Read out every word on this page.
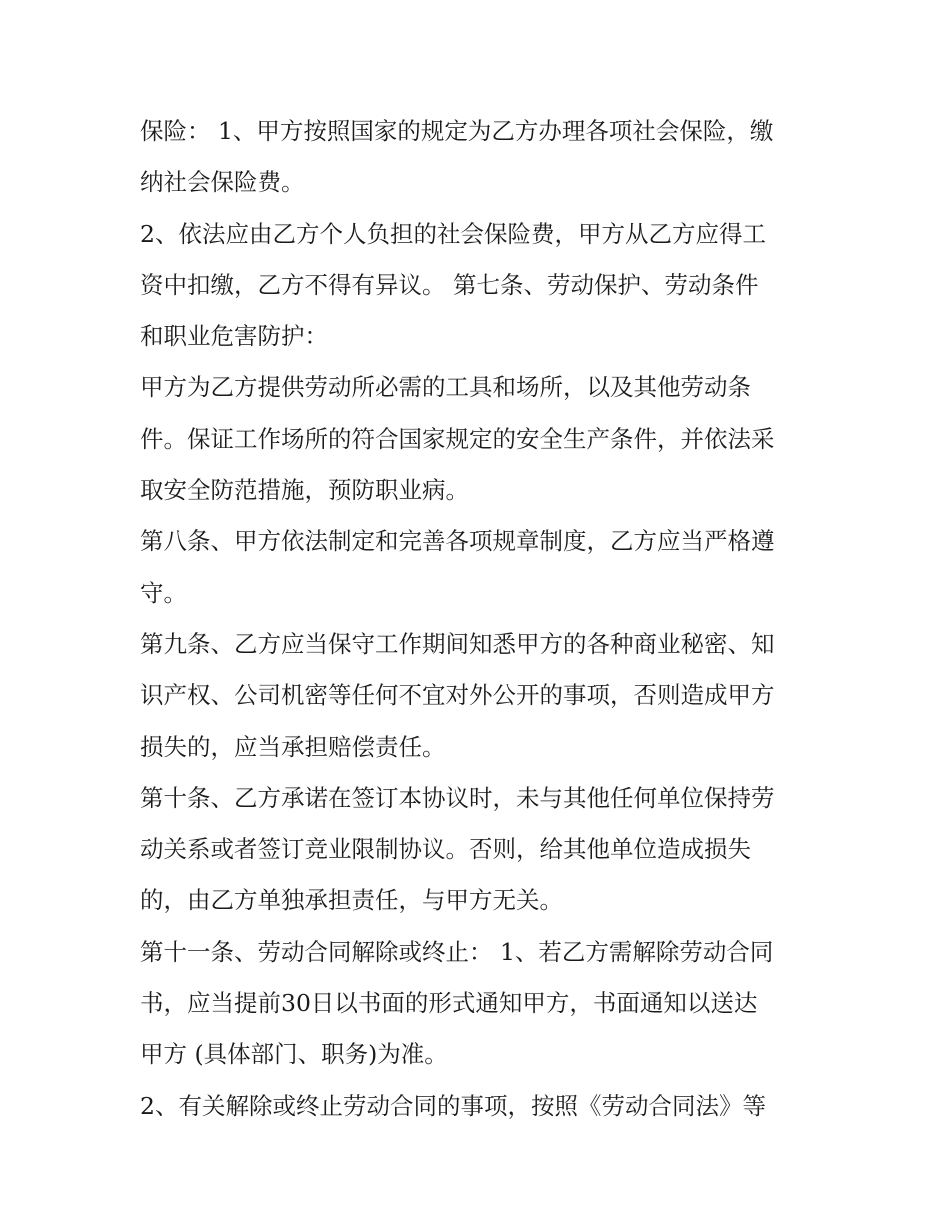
保险： 1、甲方按照国家的规定为乙方办理各项社会保险，缴
纳社会保险费。
2、依法应由乙方个人负担的社会保险费，甲方从乙方应得工
资中扣缴，乙方不得有异议。 第七条、劳动保护、劳动条件
和职业危害防护：
甲方为乙方提供劳动所必需的工具和场所，以及其他劳动条
件。保证工作场所的符合国家规定的安全生产条件，并依法采
取安全防范措施，预防职业病。
第八条、甲方依法制定和完善各项规章制度，乙方应当严格遵
守。
第九条、乙方应当保守工作期间知悉甲方的各种商业秘密、知
识产权、公司机密等任何不宜对外公开的事项，否则造成甲方
损失的，应当承担赔偿责任。
第十条、乙方承诺在签订本协议时，未与其他任何单位保持劳
动关系或者签订竞业限制协议。否则，给其他单位造成损失
的，由乙方单独承担责任，与甲方无关。
第十一条、劳动合同解除或终止： 1、若乙方需解除劳动合同
书，应当提前30日以书面的形式通知甲方，书面通知以送达
甲方 (具体部门、职务)为准。
2、有关解除或终止劳动合同的事项，按照《劳动合同法》等
